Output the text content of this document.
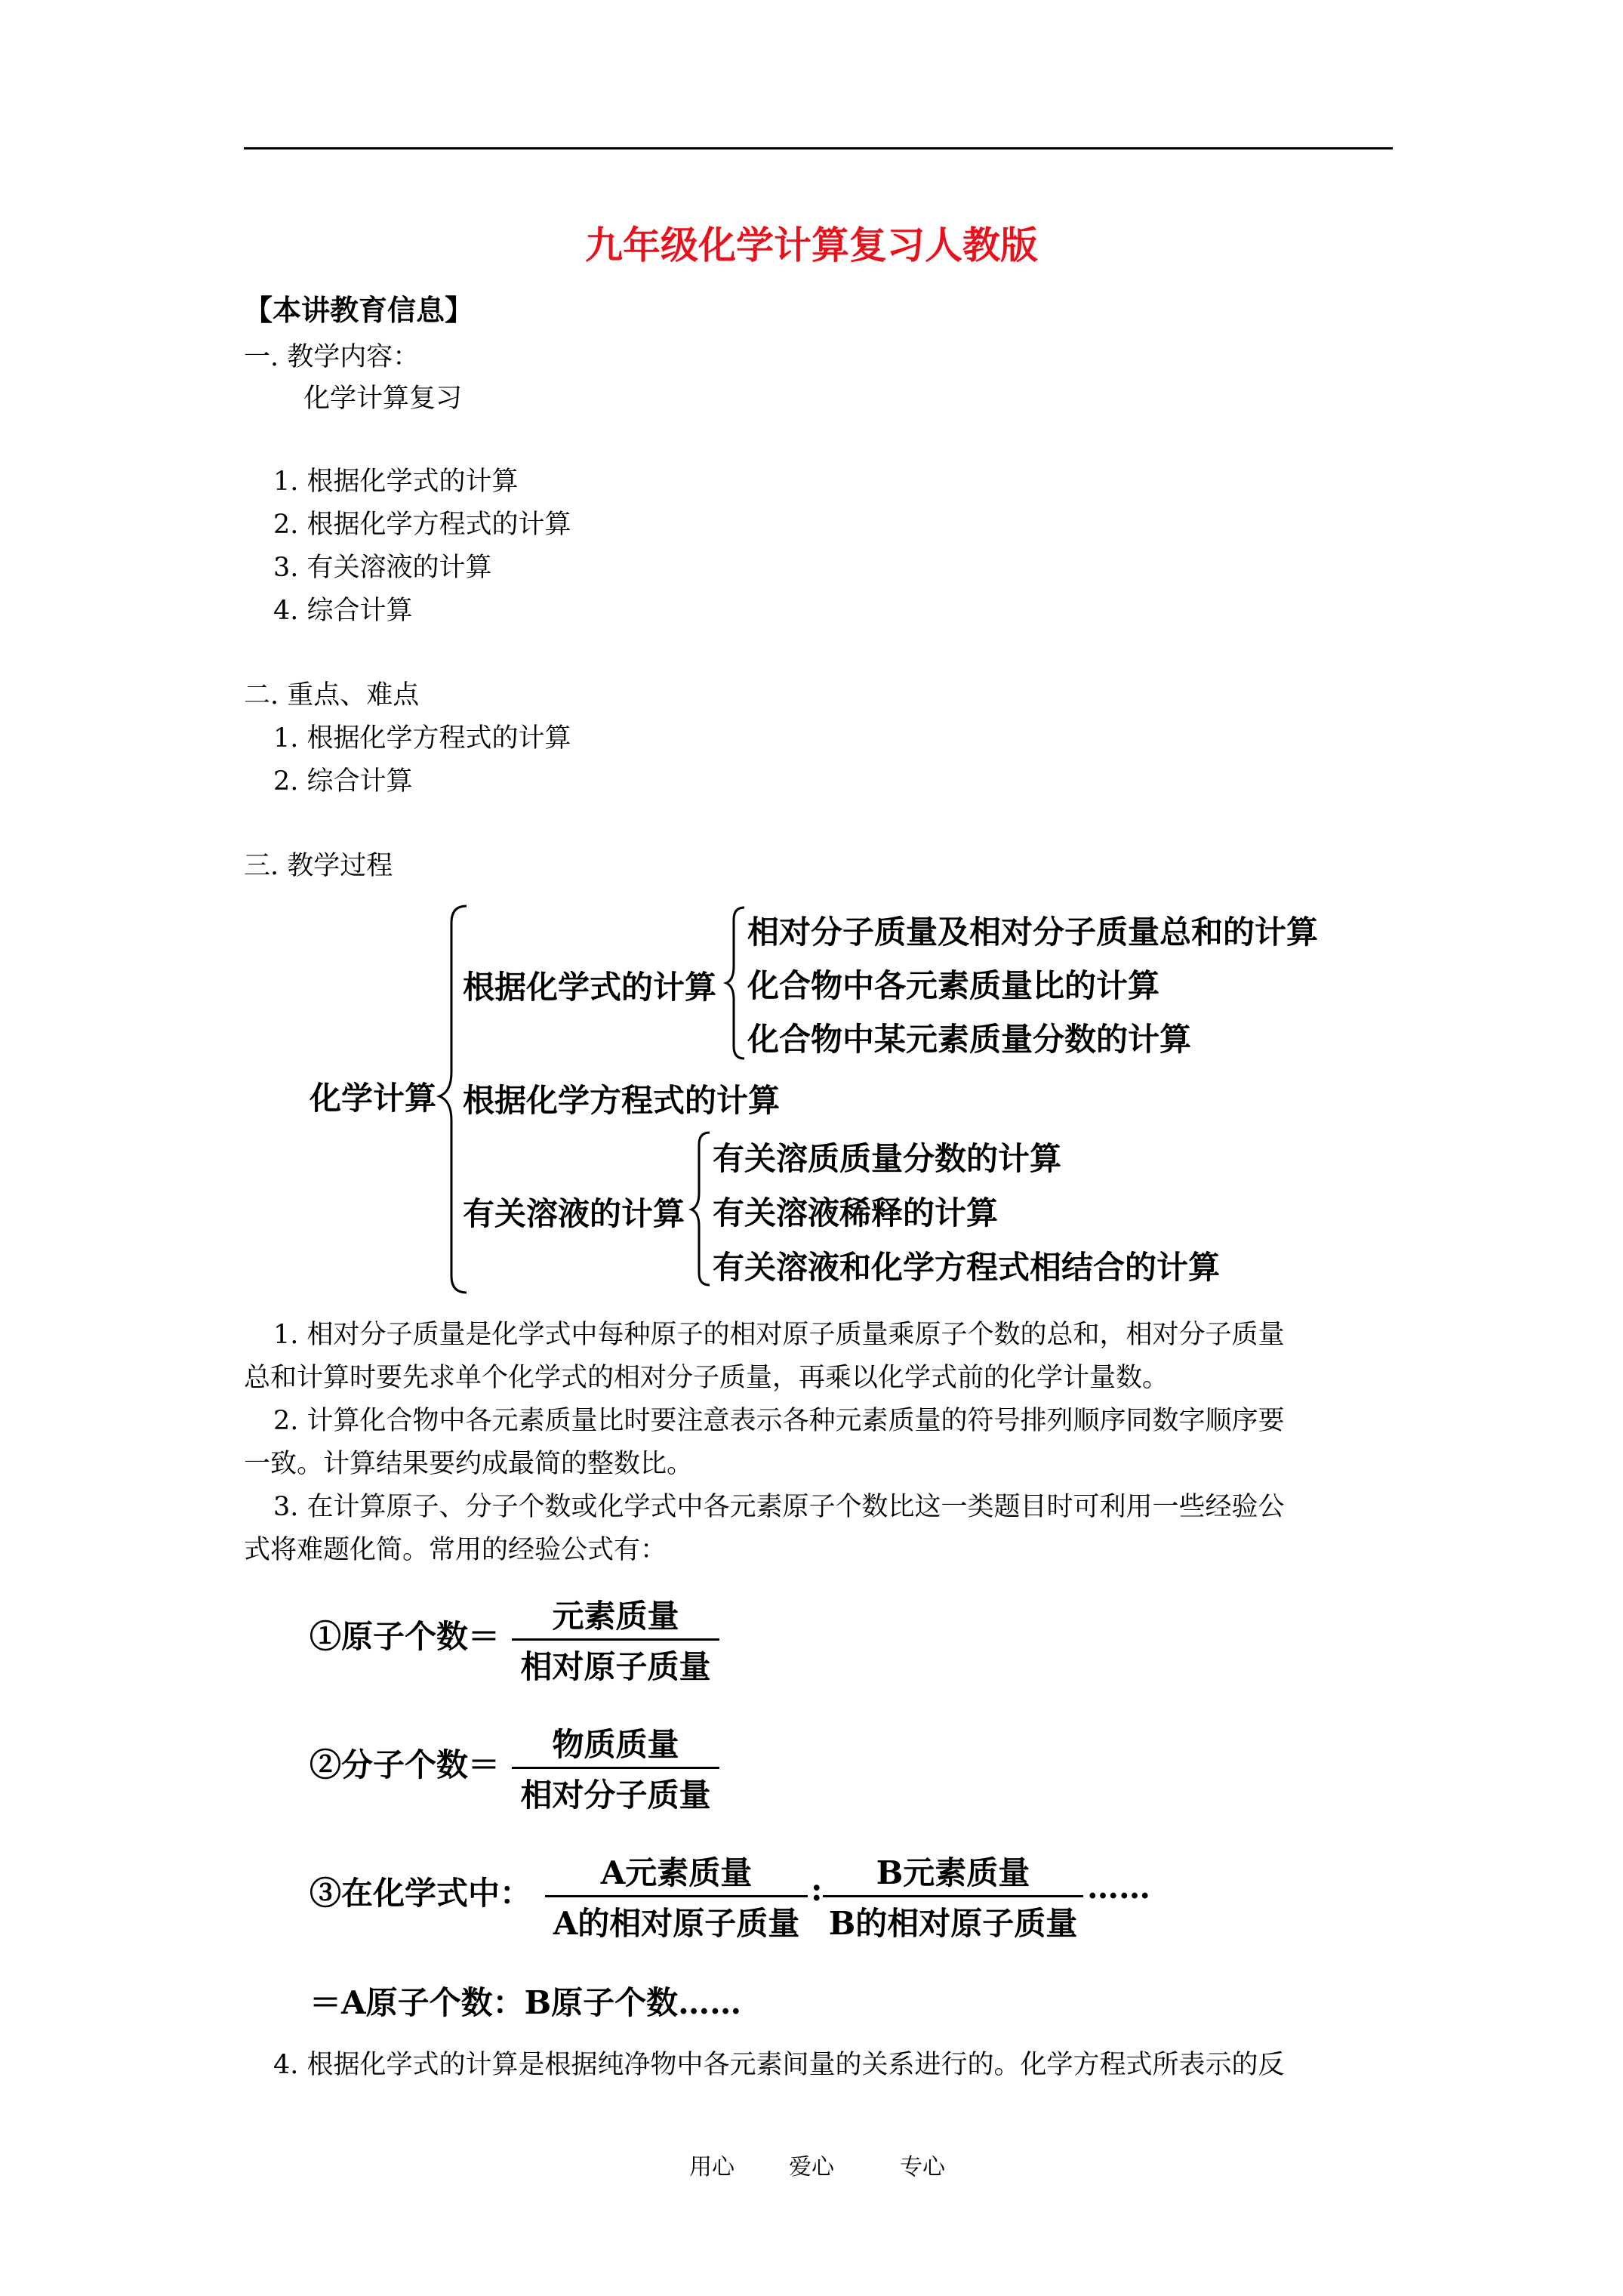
九年级化学计算复习人教版
【本讲教育信息】
一. 教学内容：
化学计算复习
1. 根据化学式的计算
2. 根据化学方程式的计算
3. 有关溶液的计算
4. 综合计算
二. 重点、难点
1. 根据化学方程式的计算
2. 综合计算
三. 教学过程
化学计算
根据化学式的计算
相对分子质量及相对分子质量总和的计算
化合物中各元素质量比的计算
化合物中某元素质量分数的计算
根据化学方程式的计算
有关溶液的计算
有关溶质质量分数的计算
有关溶液稀释的计算
有关溶液和化学方程式相结合的计算
1. 相对分子质量是化学式中每种原子的相对原子质量乘原子个数的总和，相对分子质量
总和计算时要先求单个化学式的相对分子质量，再乘以化学式前的化学计量数。
2. 计算化合物中各元素质量比时要注意表示各种元素质量的符号排列顺序同数字顺序要
一致。计算结果要约成最简的整数比。
3. 在计算原子、分子个数或化学式中各元素原子个数比这一类题目时可利用一些经验公
式将难题化简。常用的经验公式有：
①原子个数＝
元素质量
相对原子质量
②分子个数＝
物质质量
相对分子质量
③在化学式中：
A元素质量
A的相对原子质量
:	B元素质量
B的相对原子质量
……
＝A原子个数：B原子个数……
4. 根据化学式的计算是根据纯净物中各元素间量的关系进行的。化学方程式所表示的反
用心 爱心	专心
